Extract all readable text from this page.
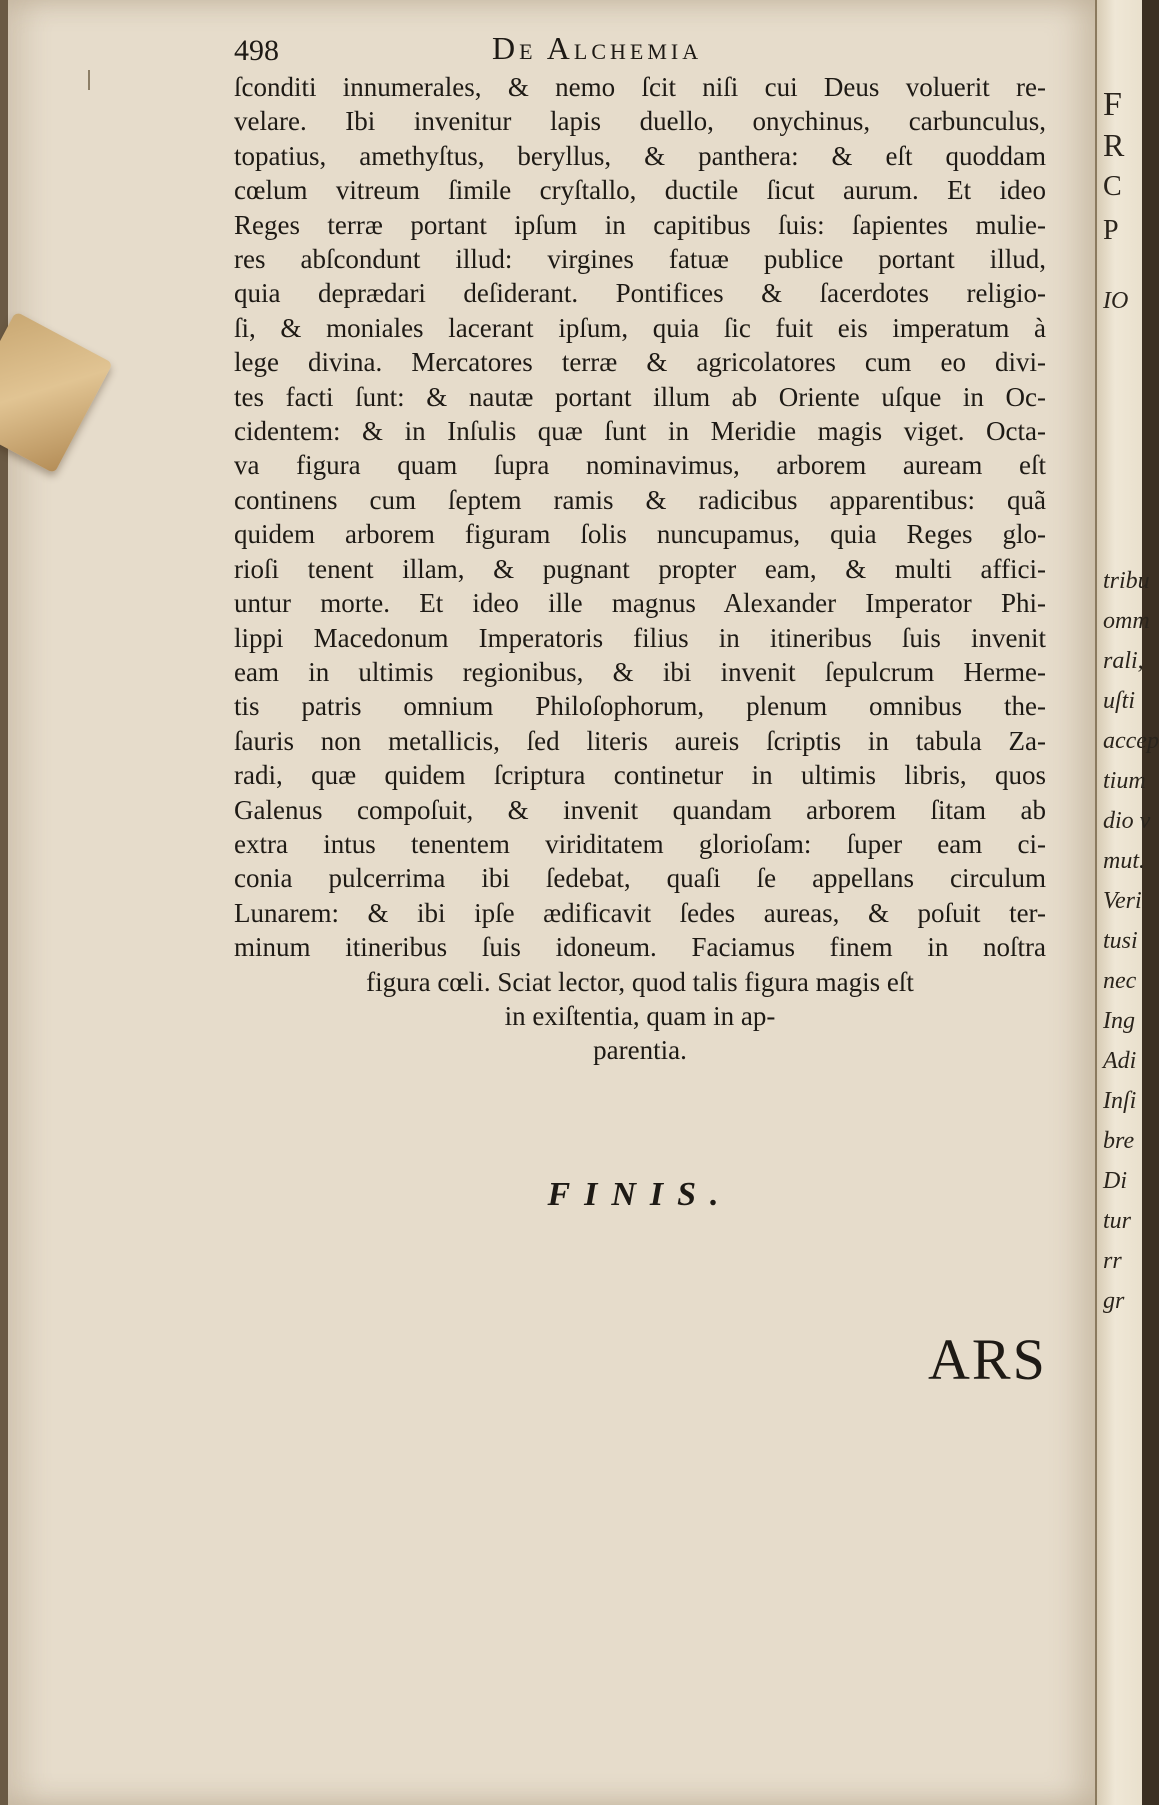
498	De Alchemia
ſconditi innumerales, & nemo ſcit niſi cui Deus voluerit re-
velare. Ibi invenitur lapis duello, onychinus, carbunculus,
topatius, amethyſtus, beryllus, & panthera: & eſt quoddam
cœlum vitreum ſimile cryſtallo, ductile ſicut aurum. Et ideo
Reges terræ portant ipſum in capitibus ſuis: ſapientes mulie-
res abſcondunt illud: virgines fatuæ publice portant illud,
quia deprædari deſiderant. Pontifices & ſacerdotes religio-
ſi, & moniales lacerant ipſum, quia ſic fuit eis imperatum à
lege divina. Mercatores terræ & agricolatores cum eo divi-
tes facti ſunt: & nautæ portant illum ab Oriente uſque in Oc-
cidentem: & in Inſulis quæ ſunt in Meridie magis viget. Octa-
va figura quam ſupra nominavimus, arborem auream eſt
continens cum ſeptem ramis & radicibus apparentibus: quã
quidem arborem figuram ſolis nuncupamus, quia Reges glo-
rioſi tenent illam, & pugnant propter eam, & multi affici-
untur morte. Et ideo ille magnus Alexander Imperator Phi-
lippi Macedonum Imperatoris filius in itineribus ſuis invenit
eam in ultimis regionibus, & ibi invenit ſepulcrum Herme-
tis patris omnium Philoſophorum, plenum omnibus the-
ſauris non metallicis, ſed literis aureis ſcriptis in tabula Za-
radi, quæ quidem ſcriptura continetur in ultimis libris, quos
Galenus compoſuit, & invenit quandam arborem ſitam ab
extra intus tenentem viriditatem glorioſam: ſuper eam ci-
conia pulcerrima ibi ſedebat, quaſi ſe appellans circulum
Lunarem: & ibi ipſe ædificavit ſedes aureas, & poſuit ter-
minum itineribus ſuis idoneum. Faciamus finem in noſtra
figura cœli. Sciat lector, quod talis figura magis eſt
in exiſtentia, quam in ap-
parentia.
FINIS.
ARS
F
R
C
P
IO
tribu
omm
rali,
uſti
accep
tium
dio v
mut.
Veri
tusi
nec
Ing
Adi
Inſi
bre
Di
tur
rr
gr
